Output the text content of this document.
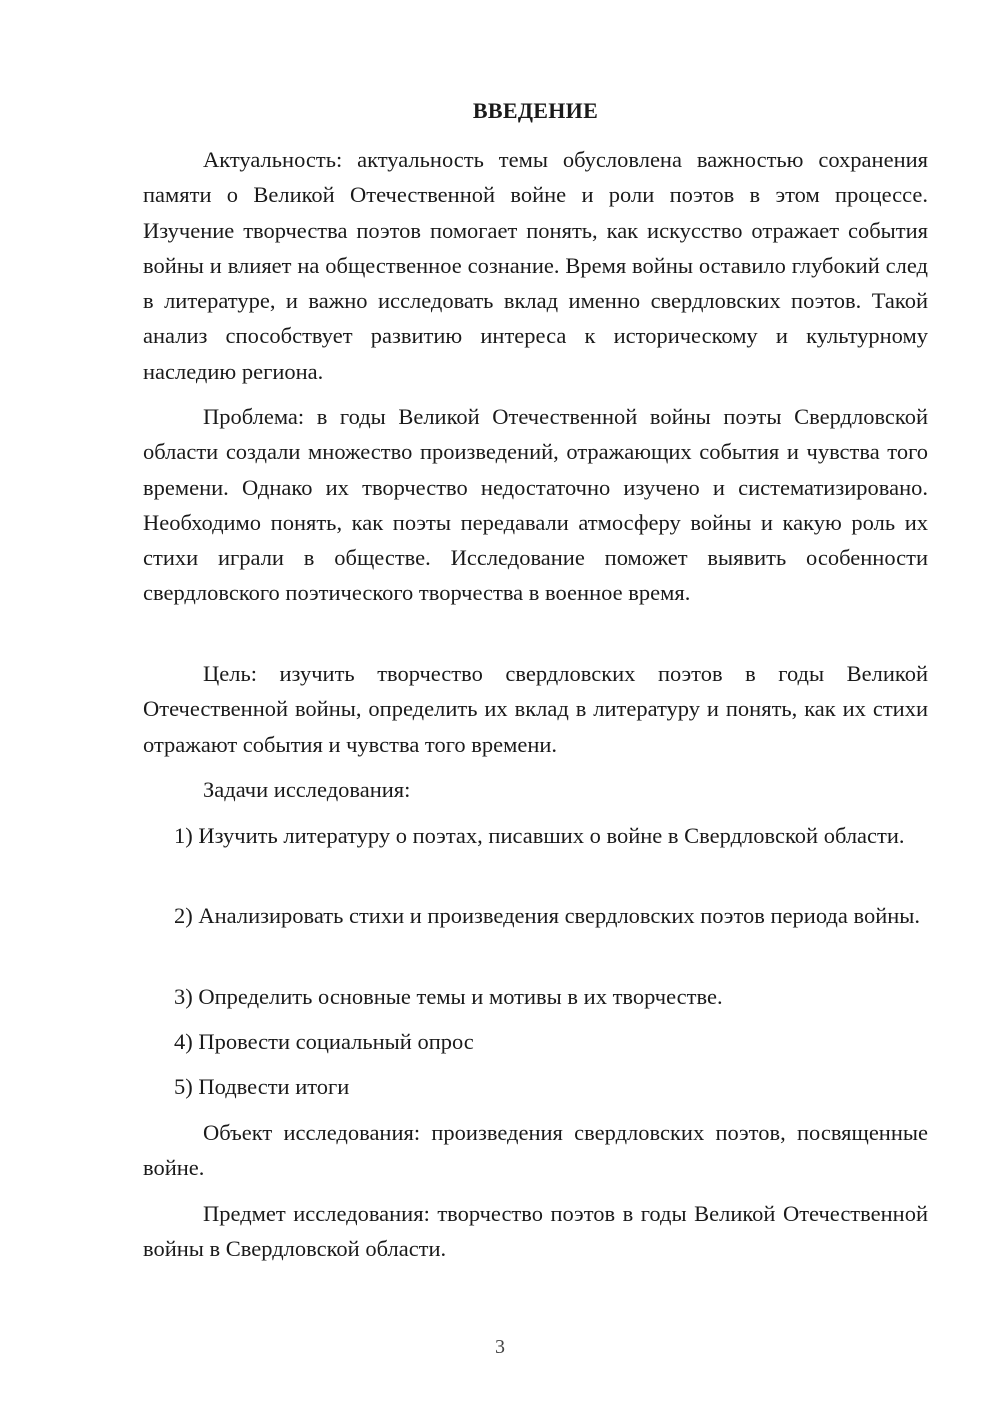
ВВЕДЕНИЕ

Актуальность: актуальность темы обусловлена важностью сохранения памяти о Великой Отечественной войне и роли поэтов в этом процессе. Изучение творчества поэтов помогает понять, как искусство отражает события войны и влияет на общественное сознание. Время войны оставило глубокий след в литературе, и важно исследовать вклад именно свердловских поэтов. Такой анализ способствует развитию интереса к историческому и культурному наследию региона.

Проблема: в годы Великой Отечественной войны поэты Свердловской области создали множество произведений, отражающих события и чувства того времени. Однако их творчество недостаточно изучено и систематизировано. Необходимо понять, как поэты передавали атмосферу войны и какую роль их стихи играли в обществе. Исследование поможет выявить особенности свердловского поэтического творчества в военное время.

Цель: изучить творчество свердловских поэтов в годы Великой Отечественной войны, определить их вклад в литературу и понять, как их стихи отражают события и чувства того времени.

Задачи исследования:

1) Изучить литературу о поэтах, писавших о войне в Свердловской области.

2) Анализировать стихи и произведения свердловских поэтов периода войны.

3) Определить основные темы и мотивы в их творчестве.

4) Провести социальный опрос

5) Подвести итоги

Объект исследования: произведения свердловских поэтов, посвященные войне.

Предмет исследования: творчество поэтов в годы Великой Отечественной войны в Свердловской области.

3
